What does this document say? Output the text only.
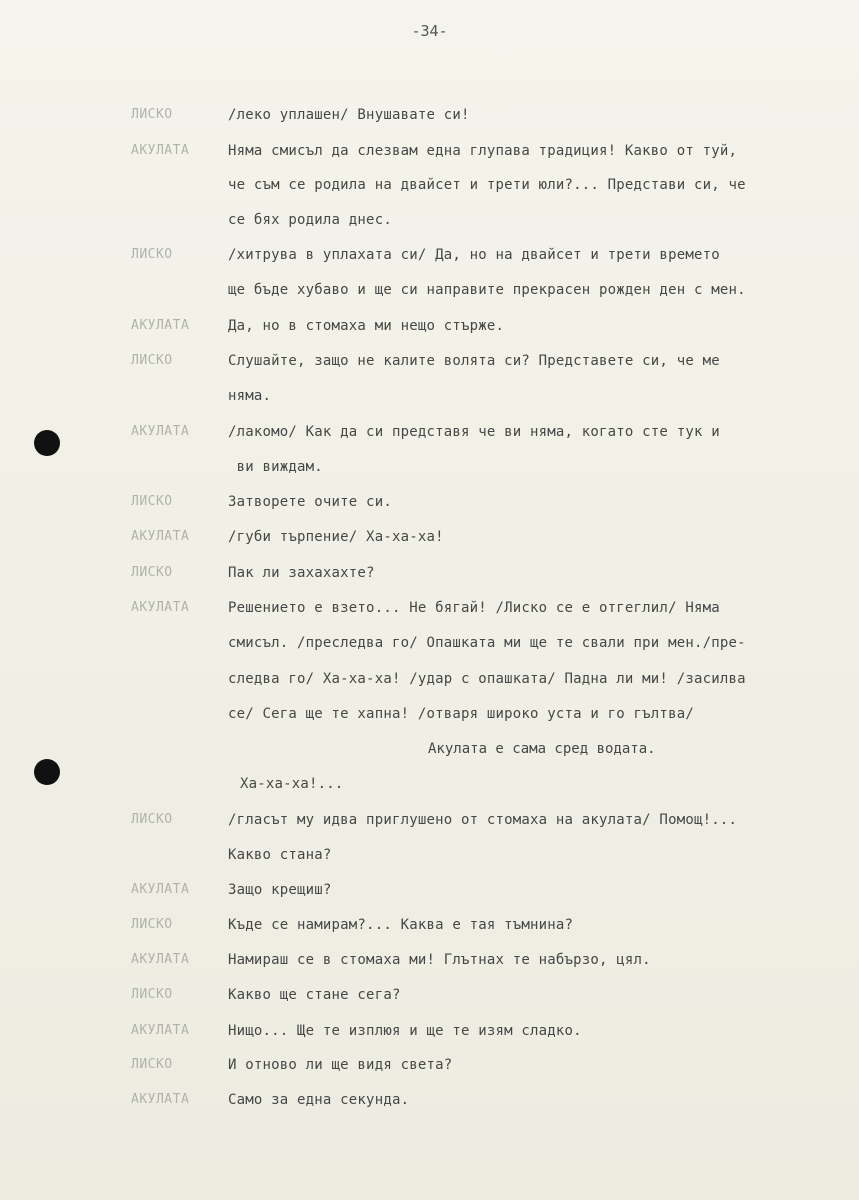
-34-

ЛИСКО

	/леко уплашен/ Внушавате си!

АКУЛАТА

	Няма смисъл да слезвам една глупава традиция! Какво от туй,

че съм се родила на двайсет и трети юли?... Представи си, че

се бях родила днес.

ЛИСКО

	/хитрува в уплахата си/ Да, но на двайсет и трети времето

ще бъде хубаво и ще си направите прекрасен рожден ден с мен.

АКУЛАТА

	Да, но в стомаха ми нещо стърже.

ЛИСКО

	Слушайте, защо не калите волята си? Представете си, че ме

няма.

АКУЛАТА

	/лакомо/ Как да си представя че ви няма, когато сте тук и

ви виждам.

ЛИСКО

	Затворете очите си.

АКУЛАТА

	/губи търпение/ Ха-ха-ха!

ЛИСКО

	Пак ли захахахте?

АКУЛАТА

	Решението е взето... Не бягай! /Лиско се е отгеглил/ Няма

смисъл. /преследва го/ Опашката ми ще те свали при мен./пре-

следва го/ Ха-ха-ха! /удар с опашката/ Падна ли ми! /засилва

се/ Сега ще те хапна! /отваря широко уста и го гълтва/

Акулата е сама сред водата.

Ха-ха-ха!...

ЛИСКО

	/гласът му идва приглушено от стомаха на акулата/ Помощ!...

Какво стана?

АКУЛАТА

	Защо крещиш?

ЛИСКО

	Къде се намирам?... Каква е тая тъмнина?

АКУЛАТА

	Намираш се в стомаха ми! Глътнах те набързо, цял.

ЛИСКО

	Какво ще стане сега?

АКУЛАТА

	Нищо... Ще те изплюя и ще те изям сладко.

ЛИСКО

	И отново ли ще видя света?

АКУЛАТА

	Само за една секунда.
